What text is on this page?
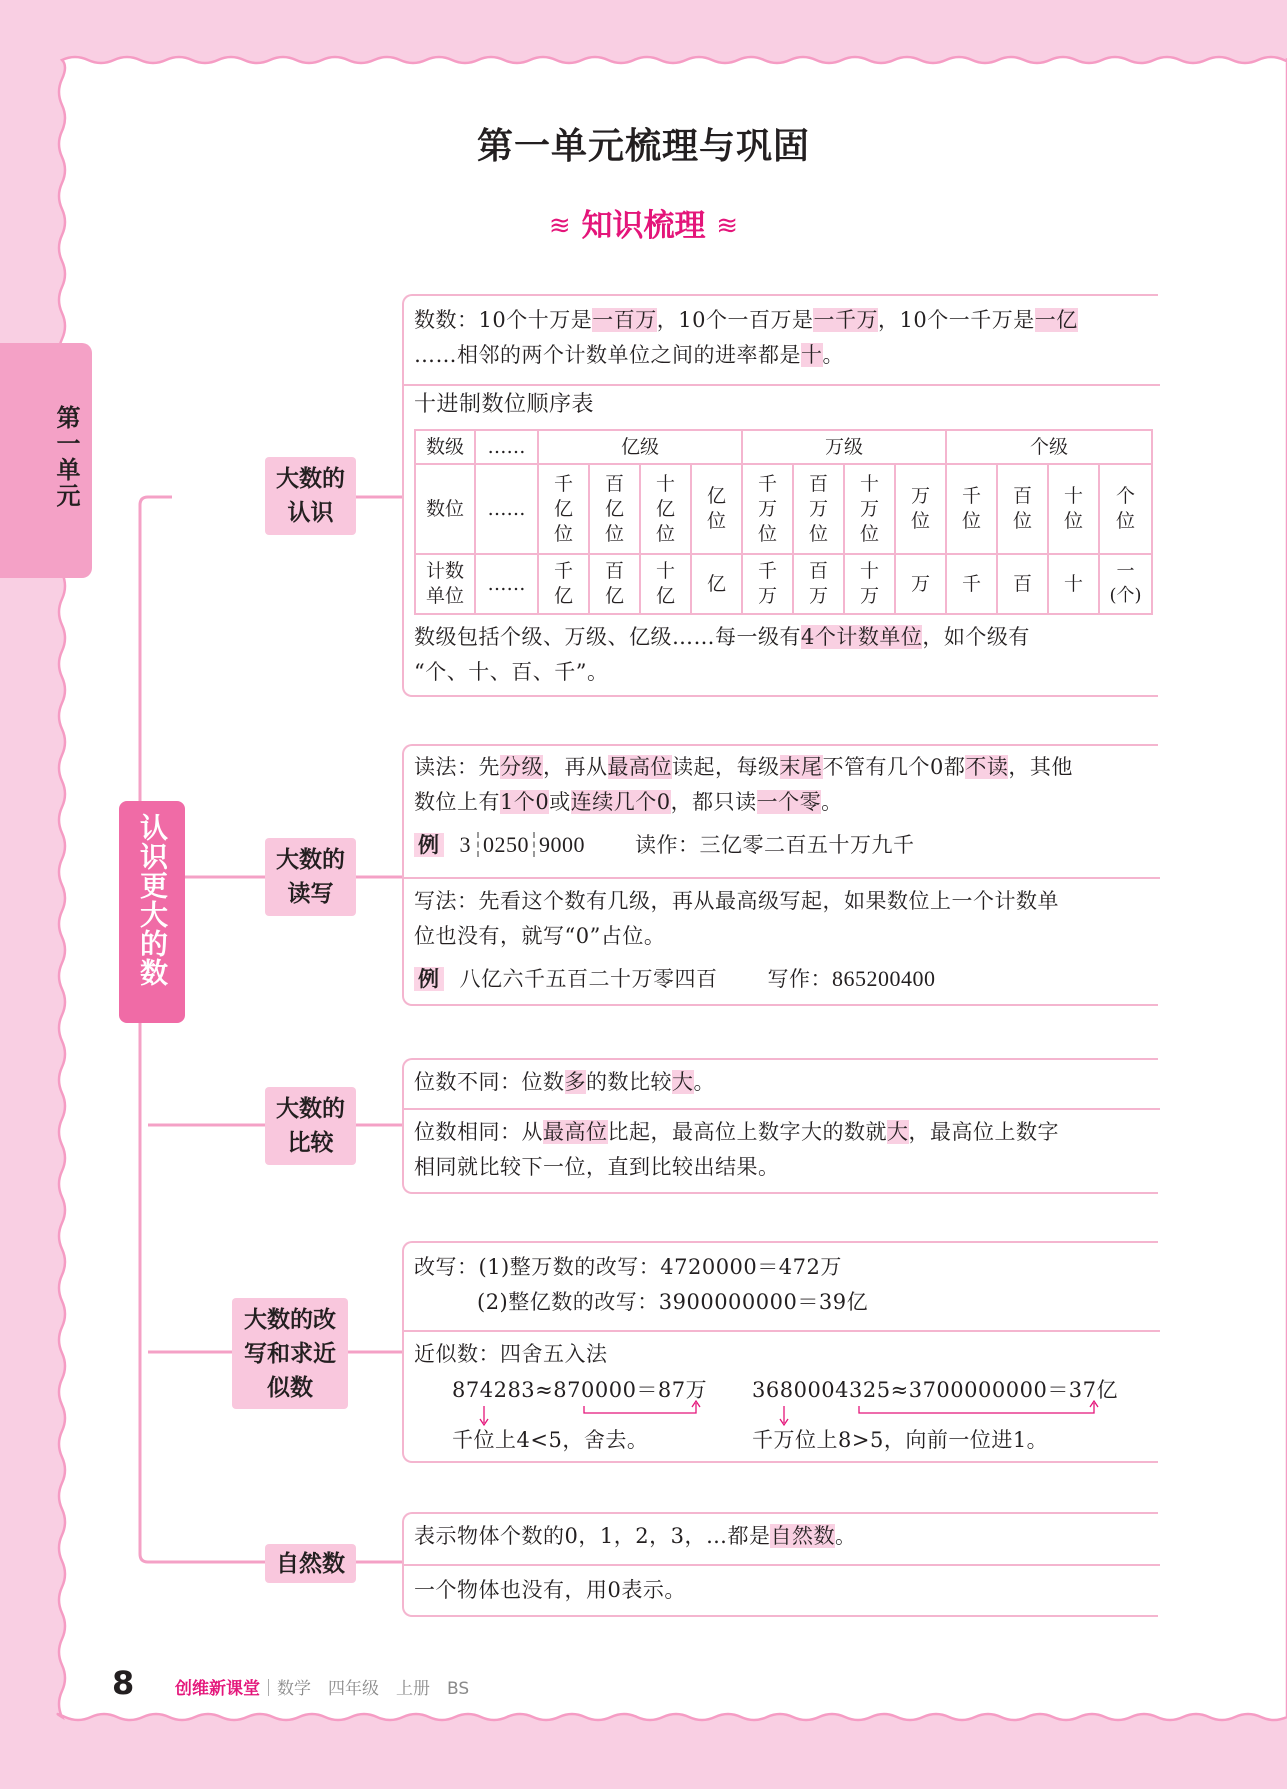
第一单元梳理与巩固
≋ 知识梳理 ≋
第一单元
认识更大的数
大数的认识
大数的读写
大数的比较
大数的改写和求近似数
自然数
数数：10个十万是一百万，10个一百万是一千万，10个一千万是一亿
……相邻的两个计数单位之间的进率都是十。
十进制数位顺序表
数级	……	亿级				万级				个级			
数位	……	千亿位	百亿位	十亿位	亿位	千万位	百万位	十万位	万位	千位	百位	十位	个位

计数单位	……	千亿	百亿	十亿	亿	千万	百万	十万	万	千	百	十	一(个)
数级包括个级、万级、亿级……每一级有4个计数单位，如个级有
“个、十、百、千”。
读法：先分级，再从最高位读起，每级末尾不管有几个0都不读，其他
数位上有1个0或连续几个0，都只读一个零。
例 3 0250 9000 读作：三亿零二百五十万九千
写法：先看这个数有几级，再从最高级写起，如果数位上一个计数单
位也没有，就写“0”占位。
例 八亿六千五百二十万零四百 写作：865200400
位数不同：位数多的数比较大。
位数相同：从最高位比起，最高位上数字大的数就大，最高位上数字
相同就比较下一位，直到比较出结果。
改写：(1)整万数的改写：4720000＝472万
(2)整亿数的改写：3900000000＝39亿
近似数：四舍五入法
874283≈870000＝87万
千位上4<5，舍去。
3680004325≈3700000000＝37亿
千万位上8>5，向前一位进1。
表示物体个数的0，1，2，3，…都是自然数。
一个物体也没有，用0表示。
8 创维新课堂｜数学　四年级　上册　BS
